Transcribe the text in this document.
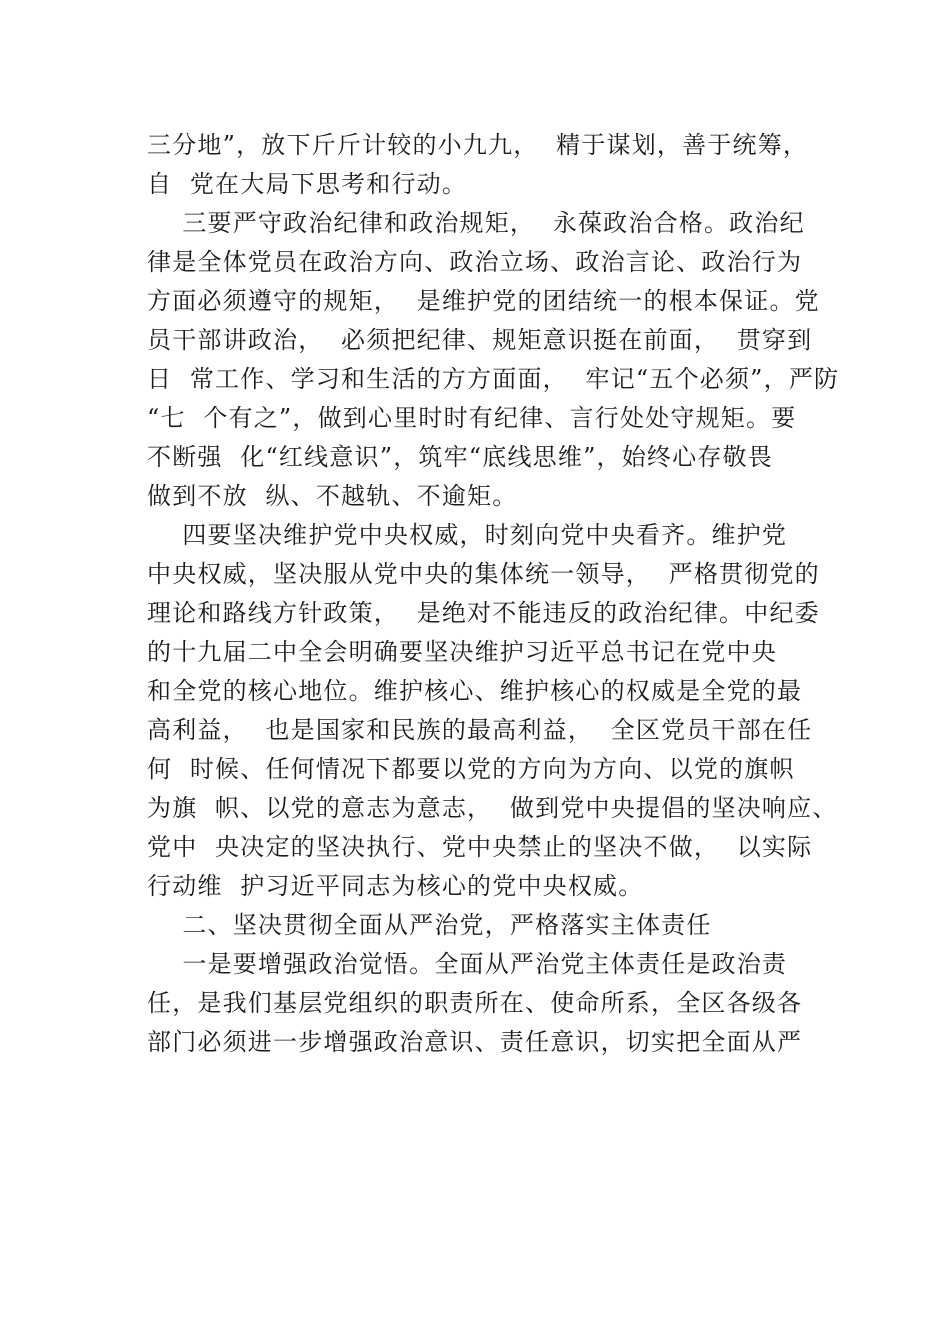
三分地”，放下斤斤计较的小九九，  精于谋划，善于统筹，
自  党在大局下思考和行动。
三要严守政治纪律和政治规矩，  永葆政治合格。政治纪
律是全体党员在政治方向、政治立场、政治言论、政治行为
方面必须遵守的规矩，  是维护党的团结统一的根本保证。党
员干部讲政治，  必须把纪律、规矩意识挺在前面，  贯穿到
日  常工作、学习和生活的方方面面，  牢记“五个必须”，严防
“七  个有之”，做到心里时时有纪律、言行处处守规矩。要
不断强  化“红线意识”，筑牢“底线思维”，始终心存敬畏
做到不放  纵、不越轨、不逾矩。
四要坚决维护党中央权威，时刻向党中央看齐。维护党
中央权威，坚决服从党中央的集体统一领导，  严格贯彻党的
理论和路线方针政策，  是绝对不能违反的政治纪律。中纪委
的十九届二中全会明确要坚决维护习近平总书记在党中央
和全党的核心地位。维护核心、维护核心的权威是全党的最
高利益，  也是国家和民族的最高利益，  全区党员干部在任
何  时候、任何情况下都要以党的方向为方向、以党的旗帜
为旗  帜、以党的意志为意志，  做到党中央提倡的坚决响应、
党中  央决定的坚决执行、党中央禁止的坚决不做，  以实际
行动维  护习近平同志为核心的党中央权威。
二、坚决贯彻全面从严治党，严格落实主体责任
一是要增强政治觉悟。全面从严治党主体责任是政治责
任，是我们基层党组织的职责所在、使命所系，全区各级各
部门必须进一步增强政治意识、责任意识，切实把全面从严
